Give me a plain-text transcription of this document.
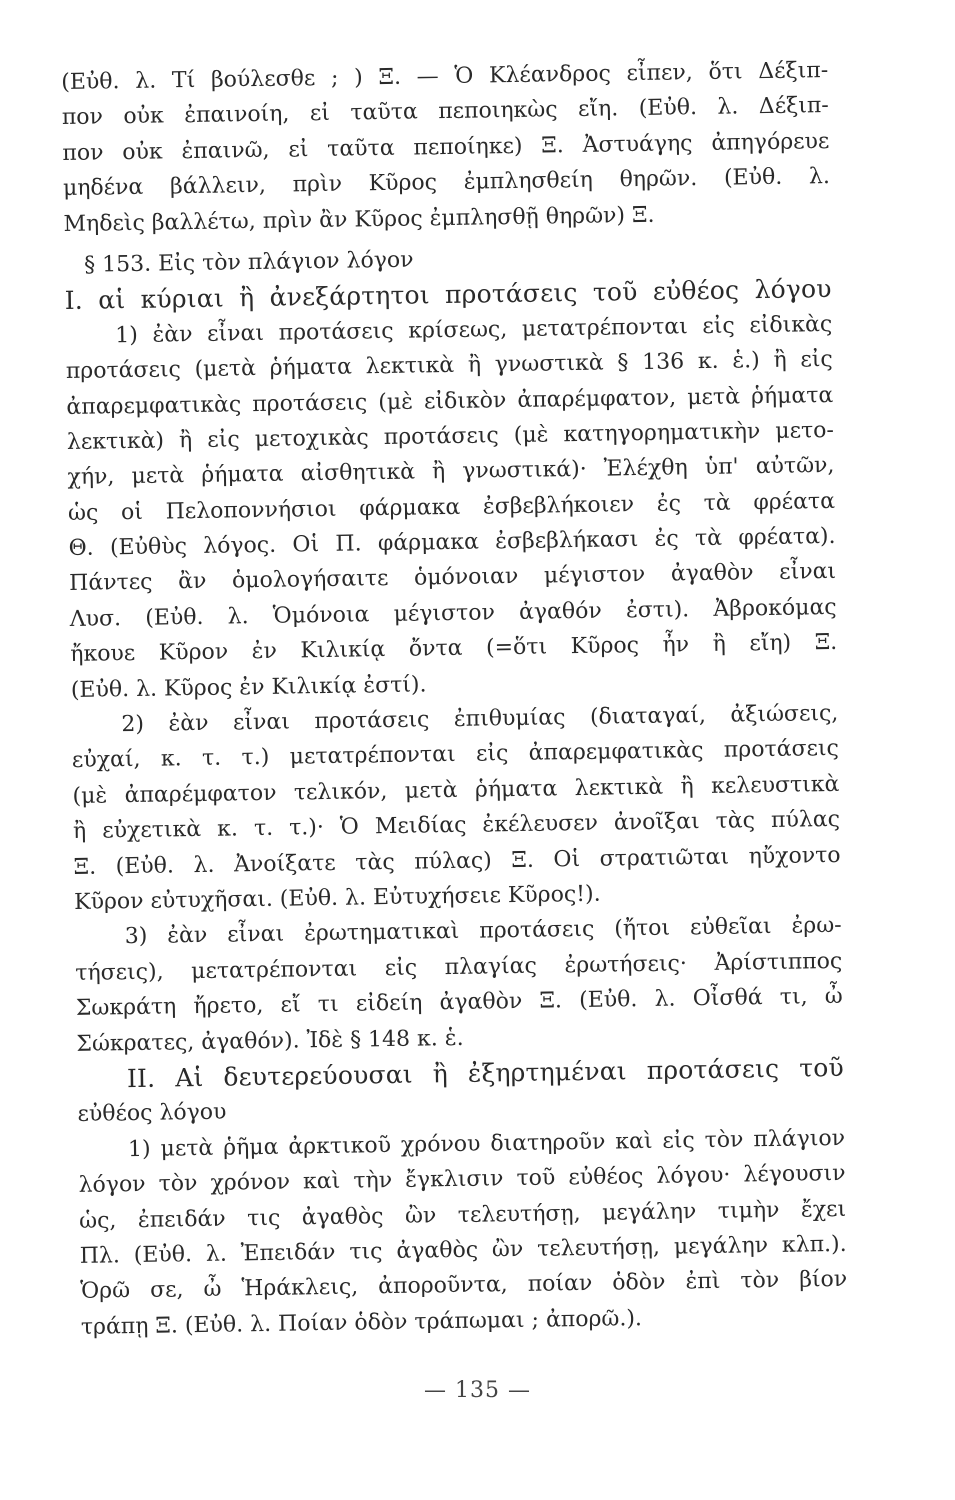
(Εὐθ. λ. Τί βούλεσθε ; ) Ξ. — Ὁ Κλέανδρος εἶπεν, ὅτι Δέξιπ-
πον οὐκ ἐπαινοίη, εἰ ταῦτα πεποιηκὼς εἴη. (Εὐθ. λ. Δέξιπ-
πον οὐκ ἐπαινῶ, εἰ ταῦτα πεποίηκε) Ξ. Ἀστυάγης ἀπηγόρευε
μηδένα βάλλειν, πρὶν Κῦρος ἐμπλησθείη θηρῶν. (Εὐθ. λ.
Μηδεὶς βαλλέτω, πρὶν ἂν Κῦρος ἐμπλησθῇ θηρῶν) Ξ.
§ 153. Εἰς τὸν πλάγιον λόγον
I. αἱ κύριαι ἢ ἀνεξάρτητοι προτάσεις τοῦ εὐθέος λόγου
1) ἐὰν εἶναι προτάσεις κρίσεως, μετατρέπονται εἰς εἰδικὰς
προτάσεις (μετὰ ῥήματα λεκτικὰ ἢ γνωστικὰ § 136 κ. ἑ.) ἢ εἰς
ἀπαρεμφατικὰς προτάσεις (μὲ εἰδικὸν ἀπαρέμφατον, μετὰ ῥήματα
λεκτικὰ) ἢ εἰς μετοχικὰς προτάσεις (μὲ κατηγορηματικὴν μετο-
χήν, μετὰ ῥήματα αἰσθητικὰ ἢ γνωστικά)· Ἐλέχθη ὑπ' αὐτῶν,
ὡς οἱ Πελοποννήσιοι φάρμακα ἐσβεβλήκοιεν ἐς τὰ φρέατα
Θ. (Εὐθὺς λόγος. Οἱ Π. φάρμακα ἐσβεβλήκασι ἐς τὰ φρέατα).
Πάντες ἂν ὁμολογήσαιτε ὁμόνοιαν μέγιστον ἀγαθὸν εἶναι
Λυσ. (Εὐθ. λ. Ὁμόνοια μέγιστον ἀγαθόν ἐστι). Ἀβροκόμας
ἤκουε Κῦρον ἐν Κιλικίᾳ ὄντα (=ὅτι Κῦρος ἦν ἢ εἴη) Ξ.
(Εὐθ. λ. Κῦρος ἐν Κιλικίᾳ ἐστί).
2) ἐὰν εἶναι προτάσεις ἐπιθυμίας (διαταγαί, ἀξιώσεις,
εὐχαί, κ. τ. τ.) μετατρέπονται εἰς ἀπαρεμφατικὰς προτάσεις
(μὲ ἀπαρέμφατον τελικόν, μετὰ ῥήματα λεκτικὰ ἢ κελευστικὰ
ἢ εὐχετικὰ κ. τ. τ.)· Ὁ Μειδίας ἐκέλευσεν ἀνοῖξαι τὰς πύλας
Ξ. (Εὐθ. λ. Ἀνοίξατε τὰς πύλας) Ξ. Οἱ στρατιῶται ηὔχοντο
Κῦρον εὐτυχῆσαι. (Εὐθ. λ. Εὐτυχήσειε Κῦρος!).
3) ἐὰν εἶναι ἐρωτηματικαὶ προτάσεις (ἤτοι εὐθεῖαι ἐρω-
τήσεις), μετατρέπονται εἰς πλαγίας ἐρωτήσεις· Ἀρίστιππος
Σωκράτη ἤρετο, εἴ τι εἰδείη ἀγαθὸν Ξ. (Εὐθ. λ. Οἶσθά τι, ὦ
Σώκρατες, ἀγαθόν). Ἰδὲ § 148 κ. ἑ.
II. Αἱ δευτερεύουσαι ἢ ἐξηρτημέναι προτάσεις τοῦ
εὐθέος λόγου
1) μετὰ ῥῆμα ἀρκτικοῦ χρόνου διατηροῦν καὶ εἰς τὸν πλάγιον
λόγον τὸν χρόνον καὶ τὴν ἔγκλισιν τοῦ εὐθέος λόγου· λέγουσιν
ὡς, ἐπειδάν τις ἀγαθὸς ὢν τελευτήσῃ, μεγάλην τιμὴν ἔχει
Πλ. (Εὐθ. λ. Ἐπειδάν τις ἀγαθὸς ὢν τελευτήσῃ, μεγάλην κλπ.).
Ὁρῶ σε, ὦ Ἡράκλεις, ἀποροῦντα, ποίαν ὁδὸν ἐπὶ τὸν βίον
τράπῃ Ξ. (Εὐθ. λ. Ποίαν ὁδὸν τράπωμαι ; ἀπορῶ.).
— 135 —
